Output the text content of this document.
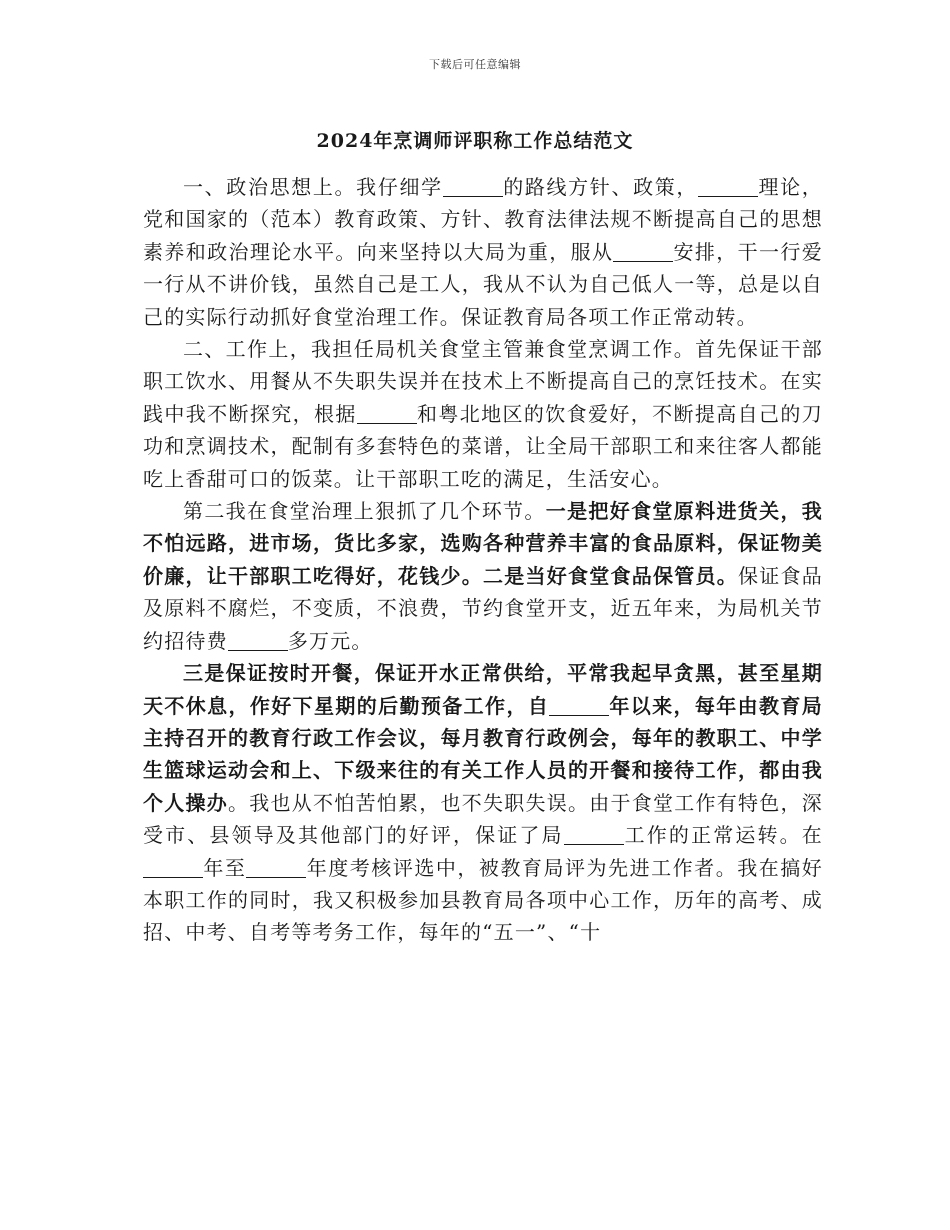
下载后可任意编辑
2024年烹调师评职称工作总结范文

一、政治思想上。我仔细学	的路线方针、政策，	理论，党和国家的（范本）教育政策、方针、教育法律法规不断提高自己的思想素养和政治理论水平。向来坚持以大局为重，服从	安排，干一行爱一行从不讲价钱，虽然自己是工人，我从不认为自己低人一等，总是以自己的实际行动抓好食堂治理工作。保证教育局各项工作正常动转。

二、工作上，我担任局机关食堂主管兼食堂烹调工作。首先保证干部职工饮水、用餐从不失职失误并在技术上不断提高自己的烹饪技术。在实践中我不断探究，根据	和粤北地区的饮食爱好，不断提高自己的刀功和烹调技术，配制有多套特色的菜谱，让全局干部职工和来往客人都能吃上香甜可口的饭菜。让干部职工吃的满足，生活安心。

第二我在食堂治理上狠抓了几个环节。一是把好食堂原料进货关，我不怕远路，进市场，货比多家，选购各种营养丰富的食品原料，保证物美价廉，让干部职工吃得好，花钱少。二是当好食堂食品保管员。保证食品及原料不腐烂，不变质，不浪费，节约食堂开支，近五年来，为局机关节约招待费	多万元。

三是保证按时开餐，保证开水正常供给，平常我起早贪黑，甚至星期天不休息，作好下星期的后勤预备工作，自	年以来，每年由教育局主持召开的教育行政工作会议，每月教育行政例会，每年的教职工、中学生篮球运动会和上、下级来往的有关工作人员的开餐和接待工作，都由我个人操办。我也从不怕苦怕累，也不失职失误。由于食堂工作有特色，深受市、县领导及其他部门的好评，保证了局	工作的正常运转。在年至	年度考核评选中，被教育局评为先进工作者。我在搞好本职工作的同时，我又积极参加县教育局各项中心工作，历年的高考、成招、中考、自考等考务工作，每年的“五一”、“十
